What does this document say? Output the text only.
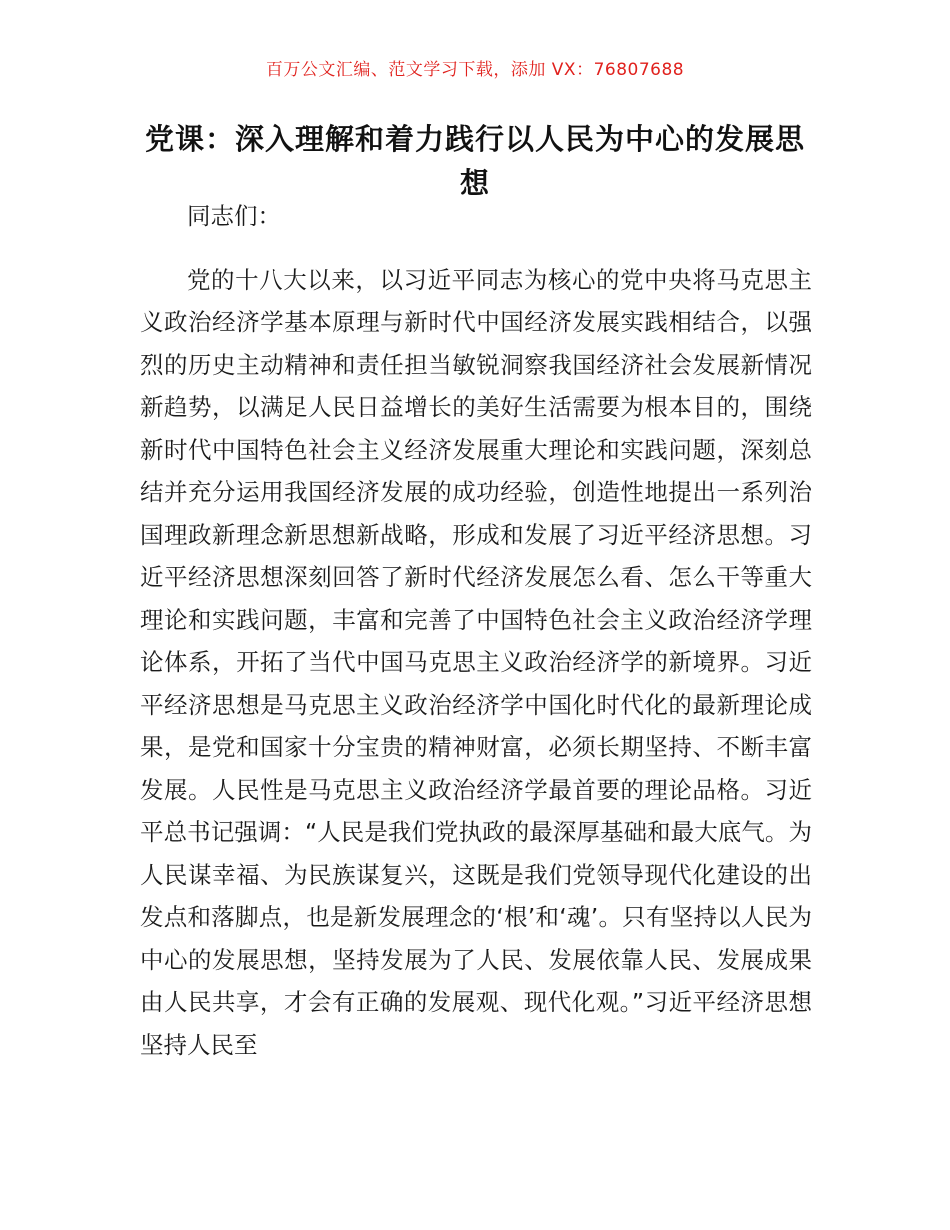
百万公文汇编、范文学习下载，添加 VX：76807688
党课：深入理解和着力践行以人民为中心的发展思想

同志们：

党的十八大以来，以习近平同志为核心的党中央将马克思主义政治经济学基本原理与新时代中国经济发展实践相结合，以强烈的历史主动精神和责任担当敏锐洞察我国经济社会发展新情况新趋势，以满足人民日益增长的美好生活需要为根本目的，围绕新时代中国特色社会主义经济发展重大理论和实践问题，深刻总结并充分运用我国经济发展的成功经验，创造性地提出一系列治国理政新理念新思想新战略，形成和发展了习近平经济思想。习近平经济思想深刻回答了新时代经济发展怎么看、怎么干等重大理论和实践问题，丰富和完善了中国特色社会主义政治经济学理论体系，开拓了当代中国马克思主义政治经济学的新境界。习近平经济思想是马克思主义政治经济学中国化时代化的最新理论成果，是党和国家十分宝贵的精神财富，必须长期坚持、不断丰富发展。人民性是马克思主义政治经济学最首要的理论品格。习近平总书记强调：“人民是我们党执政的最深厚基础和最大底气。为人民谋幸福、为民族谋复兴，这既是我们党领导现代化建设的出发点和落脚点，也是新发展理念的‘根’和‘魂’。只有坚持以人民为中心的发展思想，坚持发展为了人民、发展依靠人民、发展成果由人民共享，才会有正确的发展观、现代化观。”习近平经济思想坚持人民至
